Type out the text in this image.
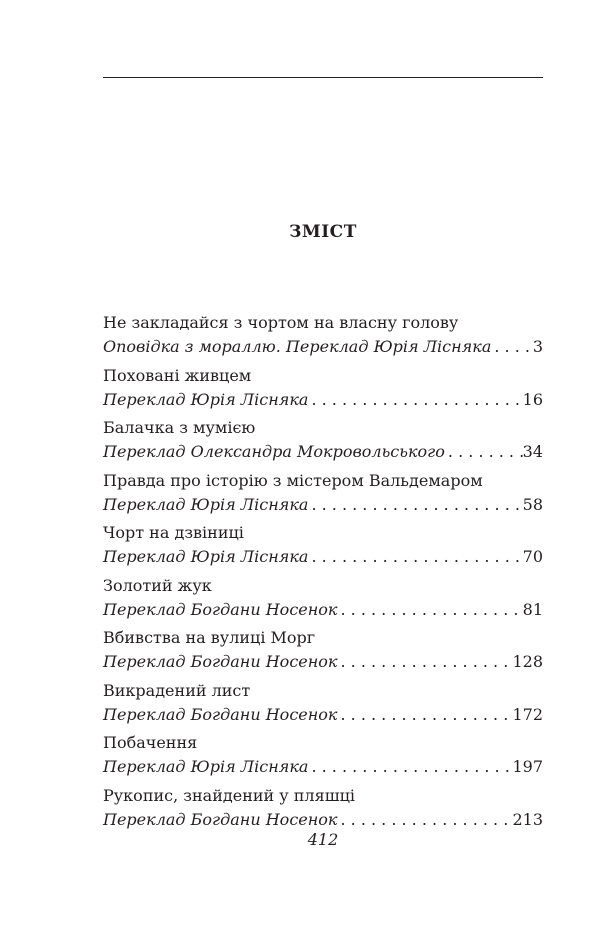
ЗМІСТ
Не закладайся з чортом на власну голову
Оповідка з мораллю. Переклад Юрія Лісняка . . .	3
Поховані живцем
Переклад Юрія Лісняка . . .	16
Балачка з мумією
Переклад Олександра Мокровольського . . .	34
Правда про історію з містером Вальдемаром
Переклад Юрія Лісняка . . .	58
Чорт на дзвіниці
Переклад Юрія Лісняка . . .	70
Золотий жук
Переклад Богдани Носенок . . .	81
Вбивства на вулиці Морг
Переклад Богдани Носенок . . .	128
Викрадений лист
Переклад Богдани Носенок . . .	172
Побачення
Переклад Юрія Лісняка . . .	197
Рукопис, знайдений у пляшці
Переклад Богдани Носенок . . .	213
412
